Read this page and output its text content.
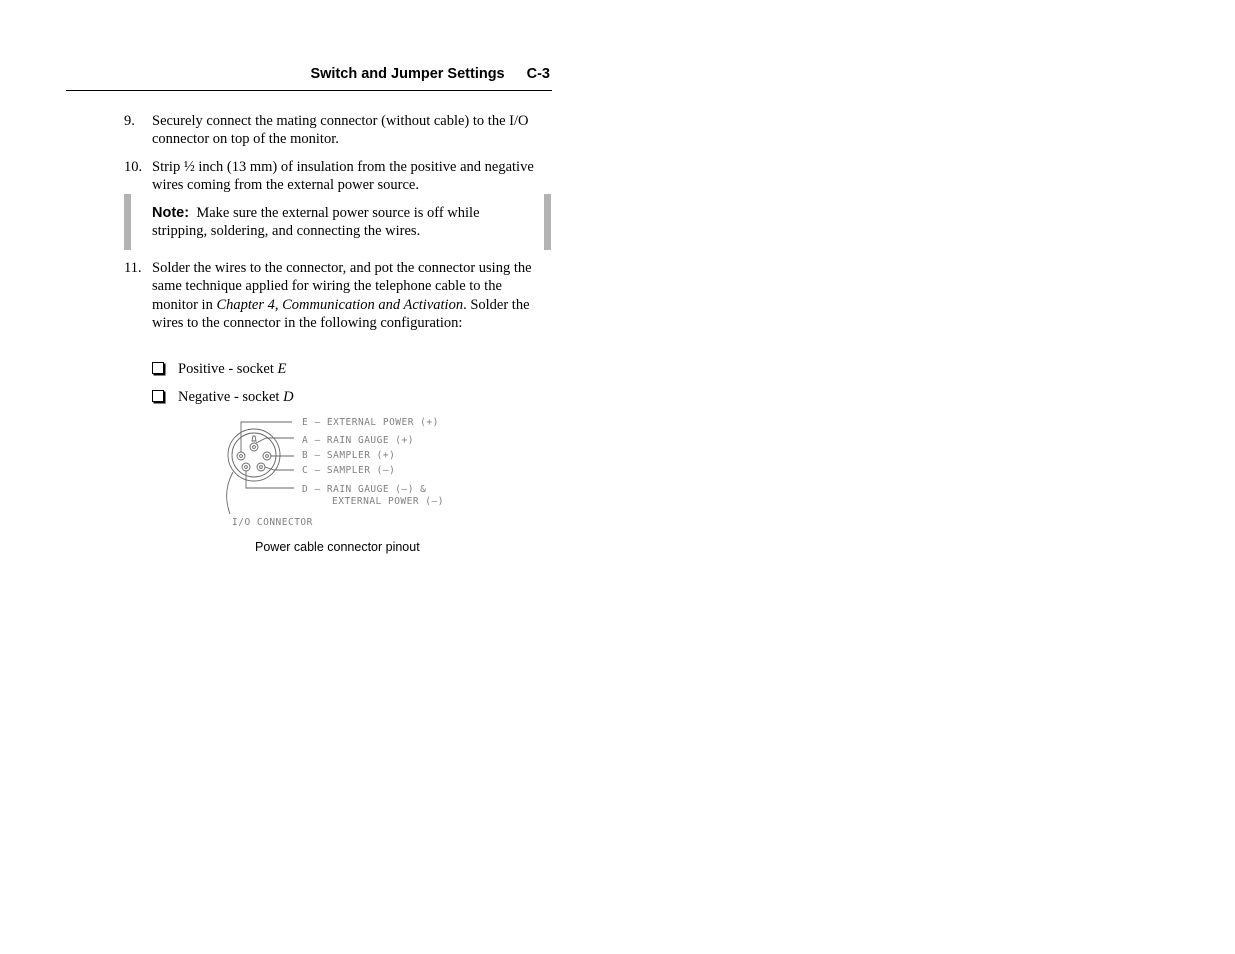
Switch and Jumper Settings C-3
9. Securely connect the mating connector (without cable) to the I/O connector on top of the monitor.
10. Strip ½ inch (13 mm) of insulation from the positive and negative wires coming from the external power source.
Note: Make sure the external power source is off while stripping, soldering, and connecting the wires.
11. Solder the wires to the connector, and pot the connector using the same technique applied for wiring the telephone cable to the monitor in Chapter 4, Communication and Activation. Solder the wires to the connector in the following configuration:
Positive - socket E
Negative - socket D
E — EXTERNAL POWER (+)
A — RAIN GAUGE (+)
B — SAMPLER (+)
C — SAMPLER (—)
D — RAIN GAUGE (—) &
EXTERNAL POWER (—)
I/O CONNECTOR
Power cable connector pinout
